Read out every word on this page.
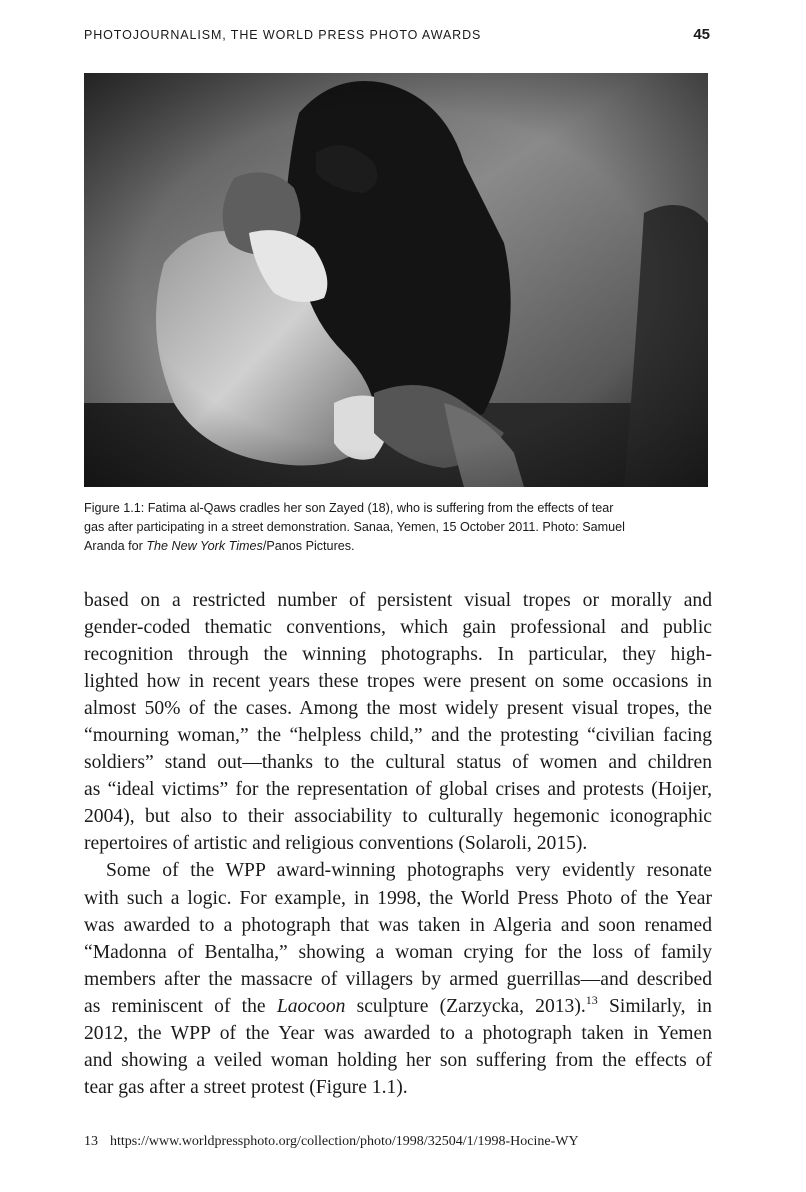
PHOTOJOURNALISM, THE WORLD PRESS PHOTO AWARDS	45

Figure 1.1: Fatima al-Qaws cradles her son Zayed (18), who is suffering from the effects of tear
gas after participating in a street demonstration. Sanaa, Yemen, 15 October 2011. Photo: Samuel
Aranda for The New York Times/Panos Pictures.

based on a restricted number of persistent visual tropes or morally and
gender-coded thematic conventions, which gain professional and public
recognition through the winning photographs. In particular, they high-
lighted how in recent years these tropes were present on some occasions in
almost 50% of the cases. Among the most widely present visual tropes, the
“mourning woman,” the “helpless child,” and the protesting “civilian facing
soldiers” stand out—thanks to the cultural status of women and children
as “ideal victims” for the representation of global crises and protests (Hoijer,
2004), but also to their associability to culturally hegemonic iconographic
repertoires of artistic and religious conventions (Solaroli, 2015).
Some of the WPP award-winning photographs very evidently resonate
with such a logic. For example, in 1998, the World Press Photo of the Year
was awarded to a photograph that was taken in Algeria and soon renamed
“Madonna of Bentalha,” showing a woman crying for the loss of family
members after the massacre of villagers by armed guerrillas—and described
as reminiscent of the Laocoon sculpture (Zarzycka, 2013).$^{13}$ Similarly, in
2012, the WPP of the Year was awarded to a photograph taken in Yemen
and showing a veiled woman holding her son suffering from the effects of
tear gas after a street protest (Figure 1.1).
13 https://www.worldpressphoto.org/collection/photo/1998/32504/1/1998-Hocine-WY
